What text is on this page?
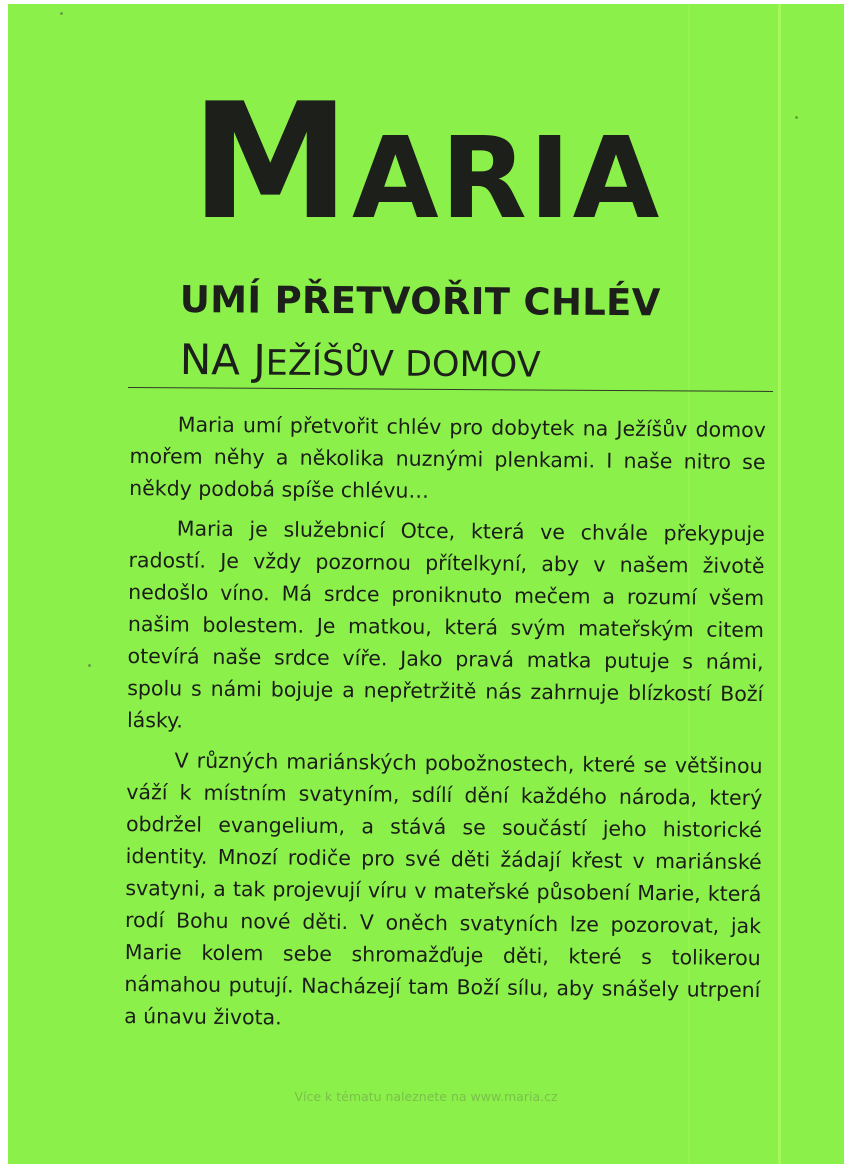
MARIA
UMÍ PŘETVOŘIT CHLÉV
NA JEŽÍŠŮV DOMOV

Maria umí přetvořit chlév pro dobytek na Ježíšův domov mořem něhy a několika nuznými plenkami. I naše nitro se někdy podobá spíše chlévu…

Maria je služebnicí Otce, která ve chvále překypuje radostí. Je vždy pozornou přítelkyní, aby v našem životě nedošlo víno. Má srdce proniknuto mečem a rozumí všem našim bolestem. Je matkou, která svým mateřským citem otevírá naše srdce víře. Jako pravá matka putuje s námi, spolu s námi bojuje a nepřetržitě nás zahrnuje blízkostí Boží lásky.

V různých mariánských pobožnostech, které se většinou váží k místním svatyním, sdílí dění každého národa, který obdržel evangelium, a stává se součástí jeho historické identity. Mnozí rodiče pro své děti žádají křest v mariánské svatyni, a tak projevují víru v mateřské působení Marie, která rodí Bohu nové děti. V oněch svatyních lze pozorovat, jak Marie kolem sebe shromažďuje děti, které s tolikerou námahou putují. Nacházejí tam Boží sílu, aby snášely utrpení a únavu života.

Více k tématu naleznete na www.maria.cz
